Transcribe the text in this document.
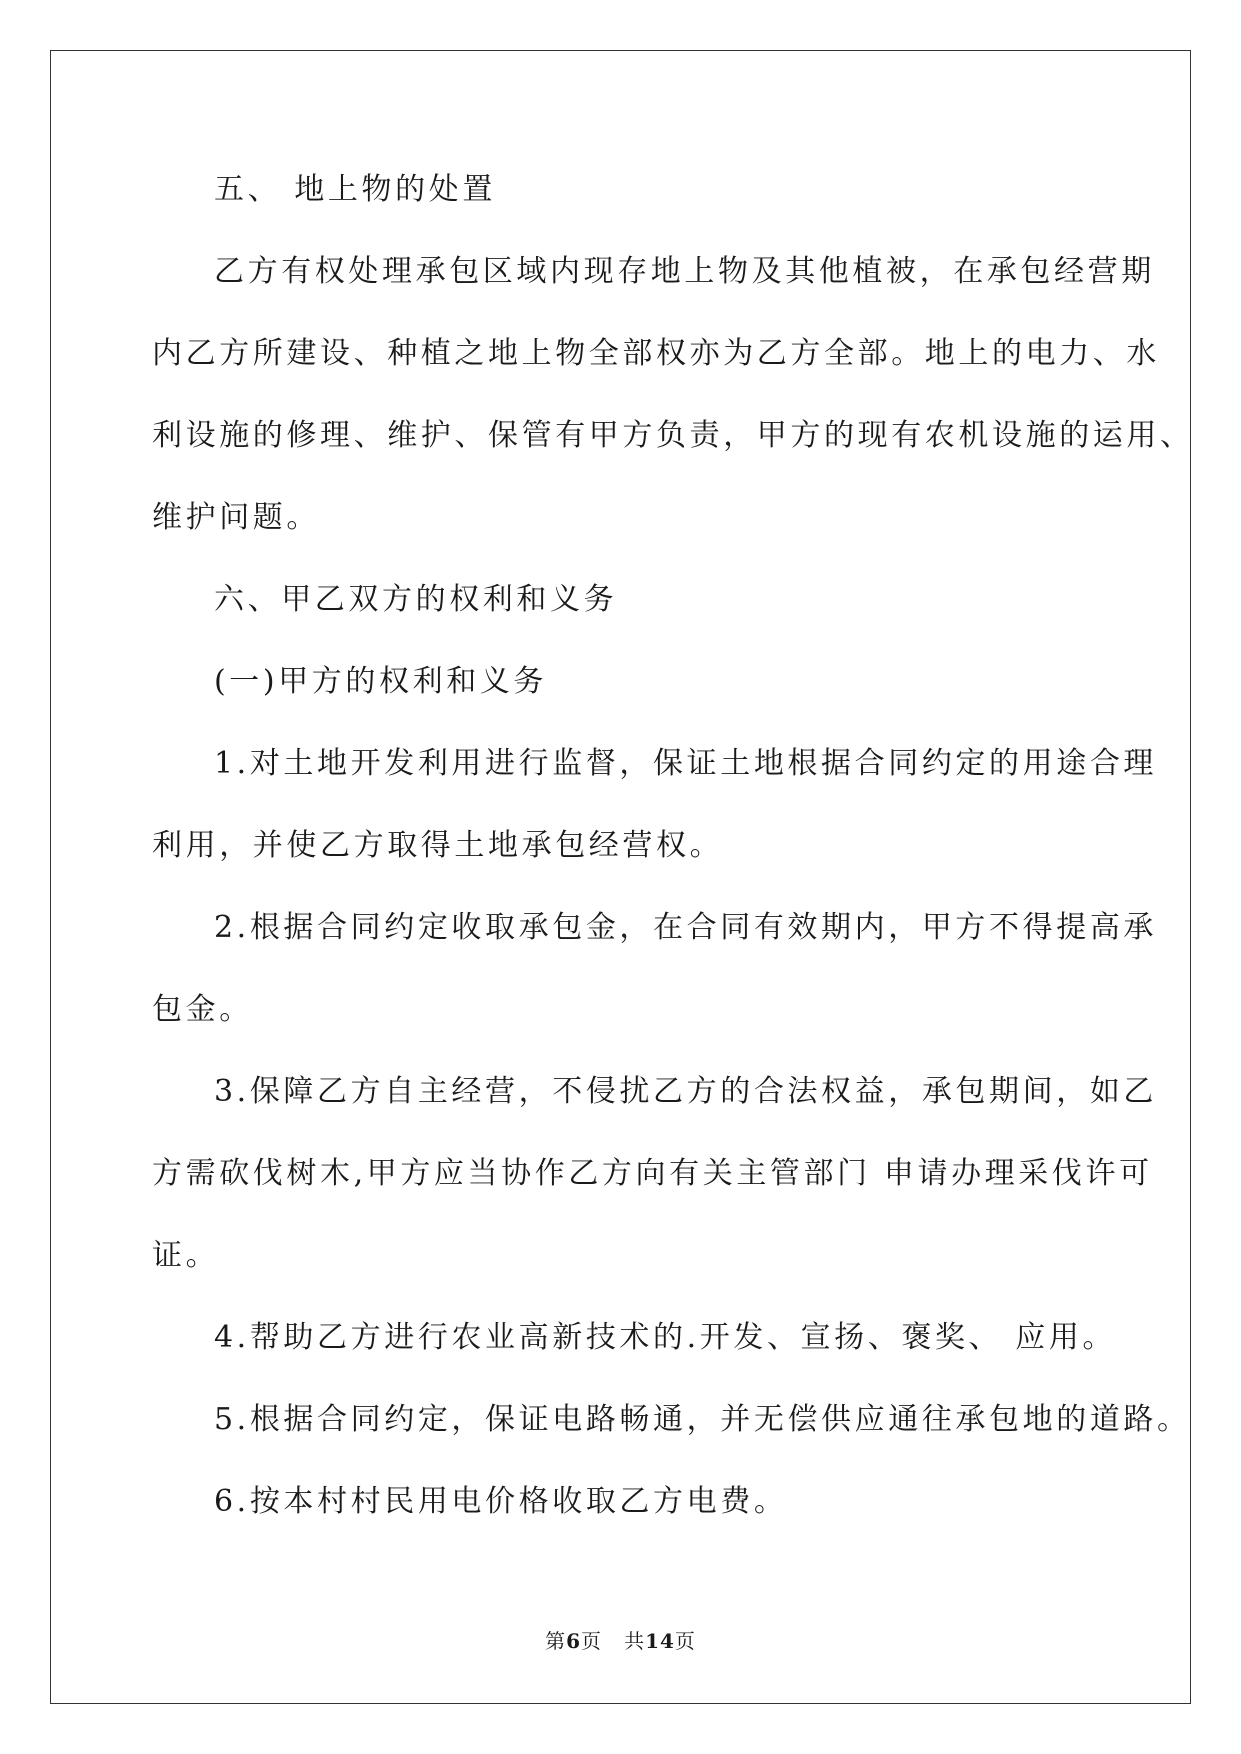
五、 地上物的处置
乙方有权处理承包区域内现存地上物及其他植被，在承包经营期
内乙方所建设、种植之地上物全部权亦为乙方全部。地上的电力、水
利设施的修理、维护、保管有甲方负责，甲方的现有农机设施的运用、
维护问题。
六、甲乙双方的权利和义务
(一)甲方的权利和义务
1.对土地开发利用进行监督，保证土地根据合同约定的用途合理
利用，并使乙方取得土地承包经营权。
2.根据合同约定收取承包金，在合同有效期内，甲方不得提高承
包金。
3.保障乙方自主经营，不侵扰乙方的合法权益，承包期间，如乙
方需砍伐树木,甲方应当协作乙方向有关主管部门 申请办理采伐许可
证。
4.帮助乙方进行农业高新技术的.开发、宣扬、褒奖、 应用。
5.根据合同约定，保证电路畅通，并无偿供应通往承包地的道路。
6.按本村村民用电价格收取乙方电费。
第6页 共14页
